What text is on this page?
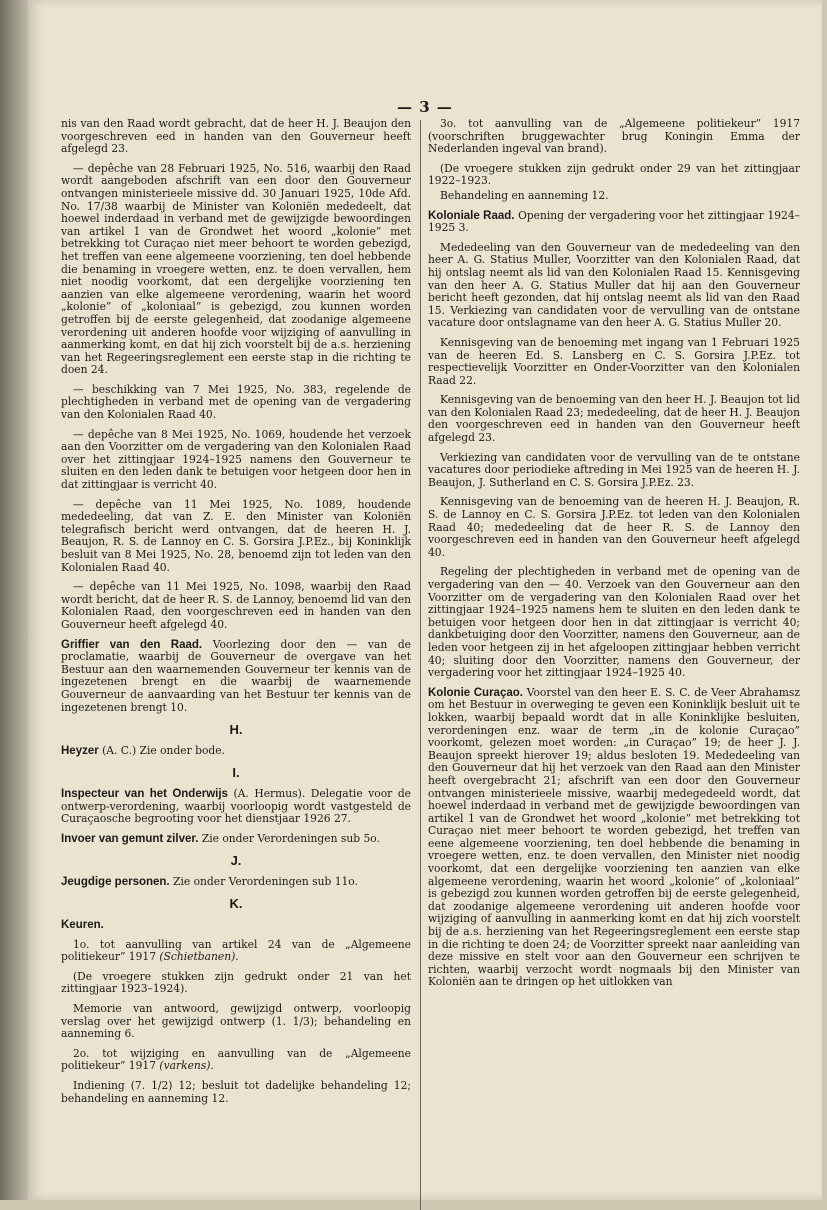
— 3 —

nis van den Raad wordt gebracht, dat de heer H. J. Beaujon den voorgeschreven eed in handen van den Gouverneur heeft afgelegd 23.

— depêche van 28 Februari 1925, No. 516, waarbij den Raad wordt aangeboden afschrift van een door den Gouverneur ontvangen ministerieele missive dd. 30 Januari 1925, 10de Afd. No. 17/38 waarbij de Minister van Koloniën mededeelt, dat hoewel inderdaad in verband met de gewijzigde bewoordingen van artikel 1 van de Grondwet het woord „kolonie” met betrekking tot Curaçao niet meer behoort te worden gebezigd, het treffen van eene algemeene voorziening, ten doel hebbende die benaming in vroegere wetten, enz. te doen vervallen, hem niet noodig voorkomt, dat een dergelijke voorziening ten aanzien van elke algemeene verordening, waarin het woord „kolonie” of „koloniaal” is gebezigd, zou kunnen worden getroffen bij de eerste gelegenheid, dat zoodanige algemeene verordening uit anderen hoofde voor wijziging of aanvulling in aanmerking komt, en dat hij zich voorstelt bij de a.s. herziening van het Regeeringsreglement een eerste stap in die richting te doen 24.

— beschikking van 7 Mei 1925, No. 383, regelende de plechtigheden in verband met de opening van de vergadering van den Kolonialen Raad 40.

— depêche van 8 Mei 1925, No. 1069, houdende het verzoek aan den Voorzitter om de vergadering van den Kolonialen Raad over het zittingjaar 1924–1925 namens den Gouverneur te sluiten en den leden dank te betuigen voor hetgeen door hen in dat zittingjaar is verricht 40.

— depêche van 11 Mei 1925, No. 1089, houdende mededeeling, dat van Z. E. den Minister van Koloniën telegrafisch bericht werd ontvangen, dat de heeren H. J. Beaujon, R. S. de Lannoy en C. S. Gorsira J.P.Ez., bij Koninklijk besluit van 8 Mei 1925, No. 28, benoemd zijn tot leden van den Kolonialen Raad 40.

— depêche van 11 Mei 1925, No. 1098, waarbij den Raad wordt bericht, dat de heer R. S. de Lannoy, benoemd lid van den Kolonialen Raad, den voorgeschreven eed in handen van den Gouverneur heeft afgelegd 40.

Griffier van den Raad. Voorlezing door den — van de proclamatie, waarbij de Gouverneur de overgave van het Bestuur aan den waarnemenden Gouverneur ter kennis van de ingezetenen brengt en die waarbij de waarnemende Gouverneur de aanvaarding van het Bestuur ter kennis van de ingezetenen brengt 10.

H.

Heyzer (A. C.) Zie onder bode.

I.

Inspecteur van het Onderwijs (A. Hermus). Delegatie voor de ontwerp-verordening, waarbij voorloopig wordt vastgesteld de Curaçaosche begrooting voor het dienstjaar 1926 27.

Invoer van gemunt zilver. Zie onder Verordeningen sub 5o.

J.

Jeugdige personen. Zie onder Verordeningen sub 11o.

K.

Keuren.

1o. tot aanvulling van artikel 24 van de „Algemeene politiekeur” 1917 (Schietbanen).

(De vroegere stukken zijn gedrukt onder 21 van het zittingjaar 1923–1924).

Memorie van antwoord, gewijzigd ontwerp, voorloopig verslag over het gewijzigd ontwerp (1. 1/3); behandeling en aanneming 6.

2o. tot wijziging en aanvulling van de „Algemeene politiekeur” 1917 (varkens).

Indiening (7. 1/2) 12; besluit tot dadelijke behandeling 12; behandeling en aanneming 12.

3o. tot aanvulling van de „Algemeene politiekeur” 1917 (voorschriften bruggewachter brug Koningin Emma der Nederlanden ingeval van brand).

(De vroegere stukken zijn gedrukt onder 29 van het zittingjaar 1922–1923.

Behandeling en aanneming 12.

Koloniale Raad. Opening der vergadering voor het zittingjaar 1924–1925 3.

Mededeeling van den Gouverneur van de mededeeling van den heer A. G. Statius Muller, Voorzitter van den Kolonialen Raad, dat hij ontslag neemt als lid van den Kolonialen Raad 15. Kennisgeving van den heer A. G. Statius Muller dat hij aan den Gouverneur bericht heeft gezonden, dat hij ontslag neemt als lid van den Raad 15. Verkiezing van candidaten voor de vervulling van de ontstane vacature door ontslagname van den heer A. G. Statius Muller 20.

Kennisgeving van de benoeming met ingang van 1 Februari 1925 van de heeren Ed. S. Lansberg en C. S. Gorsira J.P.Ez. tot respectievelijk Voorzitter en Onder-Voorzitter van den Kolonialen Raad 22.

Kennisgeving van de benoeming van den heer H. J. Beaujon tot lid van den Kolonialen Raad 23; mededeeling, dat de heer H. J. Beaujon den voorgeschreven eed in handen van den Gouverneur heeft afgelegd 23.

Verkiezing van candidaten voor de vervulling van de te ontstane vacatures door periodieke aftreding in Mei 1925 van de heeren H. J. Beaujon, J. Sutherland en C. S. Gorsira J.P.Ez. 23.

Kennisgeving van de benoeming van de heeren H. J. Beaujon, R. S. de Lannoy en C. S. Gorsira J.P.Ez. tot leden van den Kolonialen Raad 40; mededeeling dat de heer R. S. de Lannoy den voorgeschreven eed in handen van den Gouverneur heeft afgelegd 40.

Regeling der plechtigheden in verband met de opening van de vergadering van den — 40. Verzoek van den Gouverneur aan den Voorzitter om de vergadering van den Kolonialen Raad over het zittingjaar 1924–1925 namens hem te sluiten en den leden dank te betuigen voor hetgeen door hen in dat zittingjaar is verricht 40; dankbetuiging door den Voorzitter, namens den Gouverneur, aan de leden voor hetgeen zij in het afgeloopen zittingjaar hebben verricht 40; sluiting door den Voorzitter, namens den Gouverneur, der vergadering voor het zittingjaar 1924–1925 40.

Kolonie Curaçao. Voorstel van den heer E. S. C. de Veer Abrahamsz om het Bestuur in overweging te geven een Koninklijk besluit uit te lokken, waarbij bepaald wordt dat in alle Koninklijke besluiten, verordeningen enz. waar de term „in de kolonie Curaçao” voorkomt, gelezen moet worden: „in Curaçao” 19; de heer J. J. Beaujon spreekt hierover 19; aldus besloten 19. Mededeeling van den Gouverneur dat hij het verzoek van den Raad aan den Minister heeft overgebracht 21; afschrift van een door den Gouverneur ontvangen ministerieele missive, waarbij medegedeeld wordt, dat hoewel inderdaad in verband met de gewijzigde bewoordingen van artikel 1 van de Grondwet het woord „kolonie” met betrekking tot Curaçao niet meer behoort te worden gebezigd, het treffen van eene algemeene voorziening, ten doel hebbende die benaming in vroegere wetten, enz. te doen vervallen, den Minister niet noodig voorkomt, dat een dergelijke voorziening ten aanzien van elke algemeene verordening, waarin het woord „kolonie” of „koloniaal” is gebezigd zou kunnen worden getroffen bij de eerste gelegenheid, dat zoodanige algemeene verordening uit anderen hoofde voor wijziging of aanvulling in aanmerking komt en dat hij zich voorstelt bij de a.s. herziening van het Regeeringsreglement een eerste stap in die richting te doen 24; de Voorzitter spreekt naar aanleiding van deze missive en stelt voor aan den Gouverneur een schrijven te richten, waarbij verzocht wordt nogmaals bij den Minister van Koloniën aan te dringen op het uitlokken van
